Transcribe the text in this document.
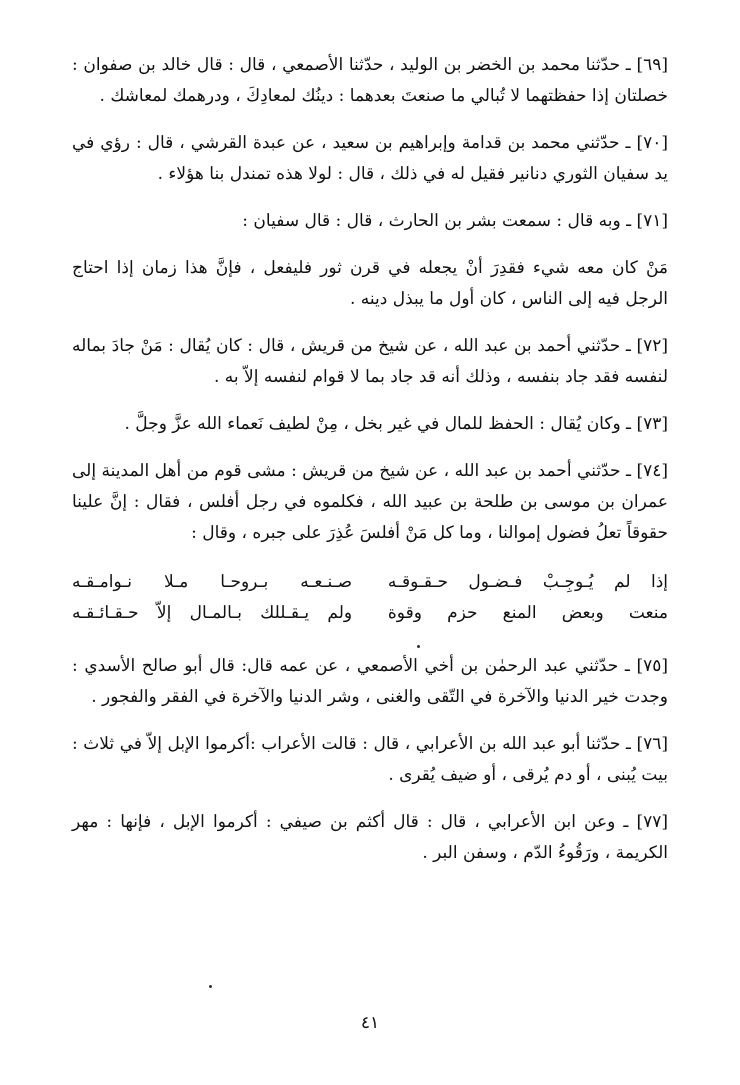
[٦٩] ـ حدّثنا محمد بن الخضر بن الوليد ، حدّثنا الأصمعي ، قال : قال خالد بن صفوان : خصلتان إذا حفظتهما لا تُبالي ما صنعتَ بعدهما : دينُك لمعادِكَ ، ودرهمك لمعاشك .

[٧٠] ـ حدّثني محمد بن قدامة وإبراهيم بن سعيد ، عن عبدة القرشي ، قال : رؤي في يد سفيان الثوري دنانير فقيل له في ذلك ، قال : لولا هذه تمندل بنا هؤلاء .

[٧١] ـ وبه قال : سمعت بشر بن الحارث ، قال : قال سفيان :

مَنْ كان معه شيء فقدِرَ أنْ يجعله في قرن ثور فليفعل ، فإنَّ هذا زمان إذا احتاج الرجل فيه إلى الناس ، كان أول ما يبذل دينه .

[٧٢] ـ حدّثني أحمد بن عبد الله ، عن شيخ من قريش ، قال : كان يُقال : مَنْ جادَ بماله لنفسه فقد جاد بنفسه ، وذلك أنه قد جاد بما لا قوام لنفسه إلاّ به .

[٧٣] ـ وكان يُقال : الحفظ للمال في غير بخل ، مِنْ لطيف نَعماء الله عزَّ وجلَّ .

[٧٤] ـ حدّثني أحمد بن عبد الله ، عن شيخ من قريش : مشى قوم من أهل المدينة إلى عمران بن موسى بن طلحة بن عبيد الله ، فكلموه في رجل أفلس ، فقال : إنَّ علينا حقوقاً تعلُ فضول إموالنا ، وما كل مَنْ أفلسَ عُذِرَ على جبره ، وقال :

إذا لم يُـوجِـبْ فـضـول حـقـوقـه
صـنـعـه بـروحـا مـلا نـوامـقـه
منعت وبعض المنع حزم وقوة
ولم يـقـللك بـالمـال إلاّ حـقـائـقـه

[٧٥] ـ حدّثني عبد الرحمٰن بن أخي الأصمعي ، عن عمه قال: قال أبو صالح الأسدي : وجدت خير الدنيا والآخرة في التّقى والغنى ، وشر الدنيا والآخرة في الفقر والفجور .

[٧٦] ـ حدّثنا أبو عبد الله بن الأعرابي ، قال : قالت الأعراب :أكرموا الإبل إلاّ في ثلاث : بيت يُبنى ، أو دم يُرقى ، أو ضيف يُقرى .

[٧٧] ـ وعن ابن الأعرابي ، قال : قال أكثم بن صيفي : أكرموا الإبل ، فإنها : مهر الكريمة ، ورَقُوءُ الدّم ، وسفن البر .

٤١
